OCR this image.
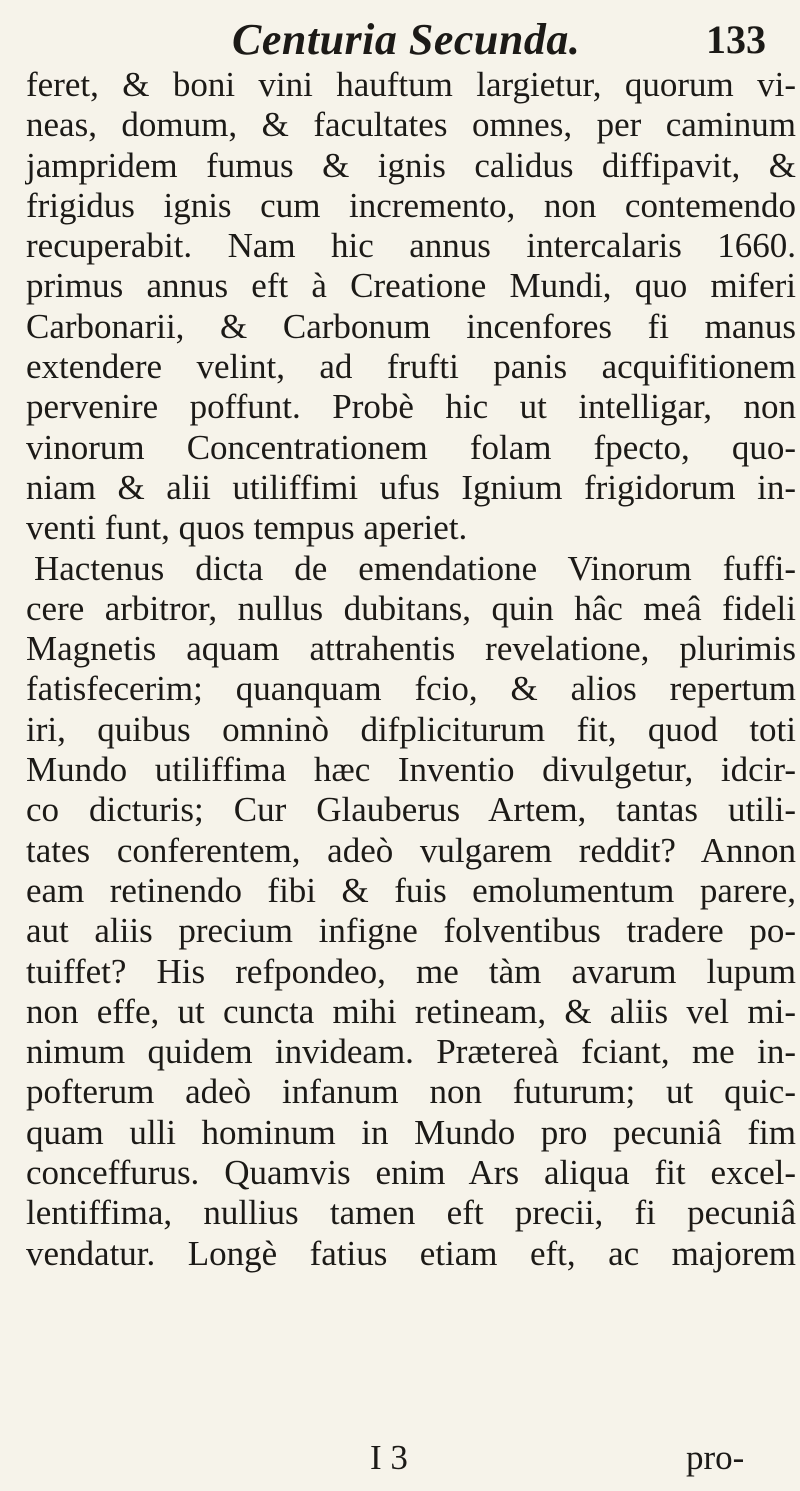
Centuria Secunda.	133
feret, & boni vini hauftum largietur, quorum vi-
neas, domum, & facultates omnes, per caminum
jampridem fumus & ignis calidus diffipavit, &
frigidus ignis cum incremento, non contemendo
recuperabit. Nam hic annus intercalaris 1660.
primus annus eft à Creatione Mundi, quo miferi
Carbonarii, & Carbonum incenfores fi manus
extendere velint, ad frufti panis acquifitionem
pervenire poffunt. Probè hic ut intelligar, non
vinorum Concentrationem folam fpecto, quo-
niam & alii utiliffimi ufus Ignium frigidorum in-
venti funt, quos tempus aperiet.
Hactenus dicta de emendatione Vinorum fuffi-
cere arbitror, nullus dubitans, quin hâc meâ fideli
Magnetis aquam attrahentis revelatione, plurimis
fatisfecerim; quanquam fcio, & alios repertum
iri, quibus omninò difpliciturum fit, quod toti
Mundo utiliffima hæc Inventio divulgetur, idcir-
co dicturis; Cur Glauberus Artem, tantas utili-
tates conferentem, adeò vulgarem reddit? Annon
eam retinendo fibi & fuis emolumentum parere,
aut aliis precium infigne folventibus tradere po-
tuiffet? His refpondeo, me tàm avarum lupum
non effe, ut cuncta mihi retineam, & aliis vel mi-
nimum quidem invideam. Prætereà fciant, me in-
pofterum adeò infanum non futurum; ut quic-
quam ulli hominum in Mundo pro pecuniâ fim
conceffurus. Quamvis enim Ars aliqua fit excel-
lentiffima, nullius tamen eft precii, fi pecuniâ
vendatur. Longè fatius etiam eft, ac majorem
I 3	pro-
